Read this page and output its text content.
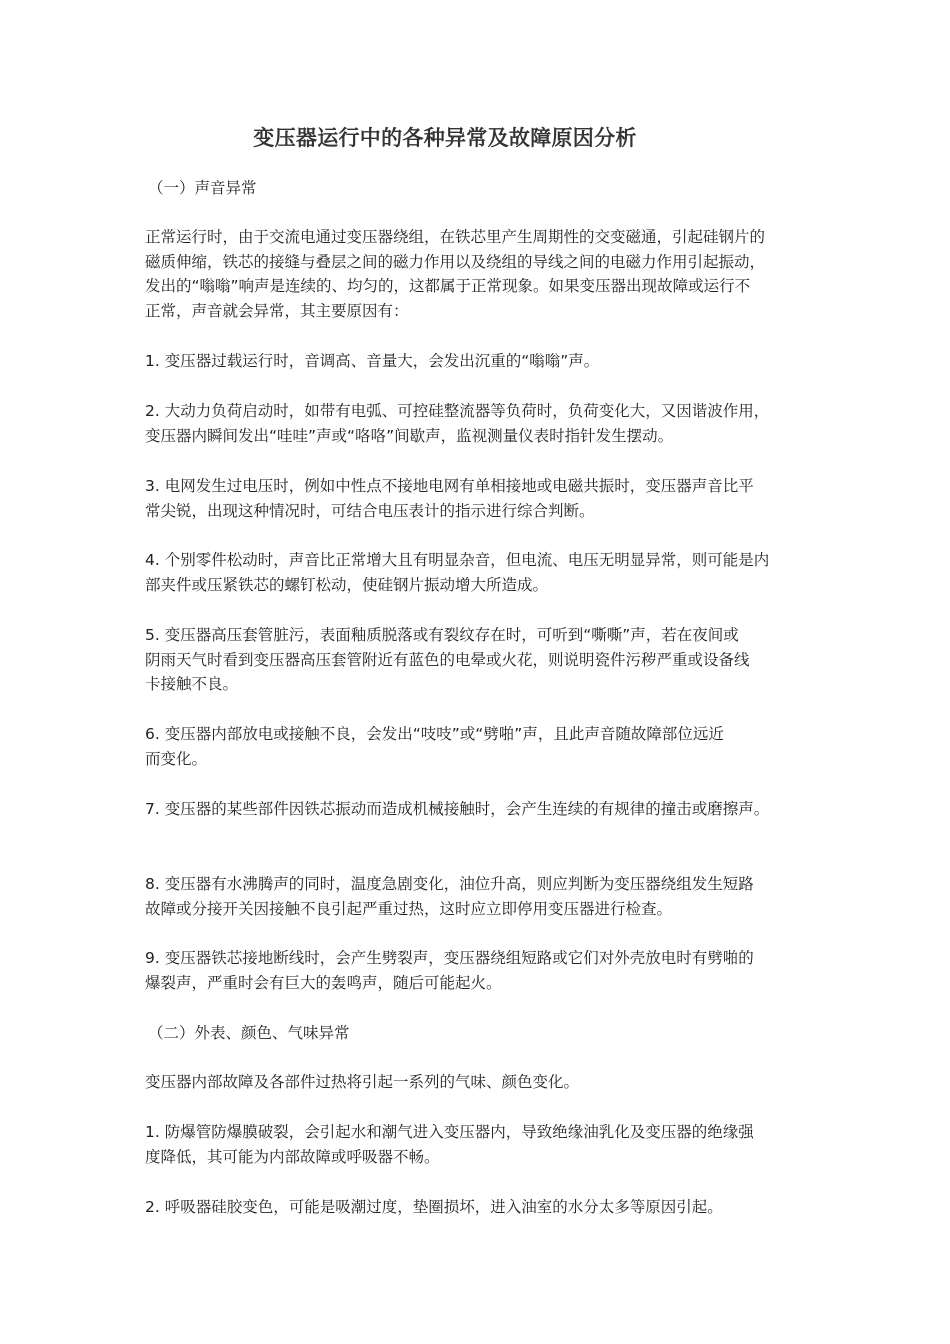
变压器运行中的各种异常及故障原因分析
（一）声音异常
正常运行时，由于交流电通过变压器绕组，在铁芯里产生周期性的交变磁通，引起硅钢片的
磁质伸缩，铁芯的接缝与叠层之间的磁力作用以及绕组的导线之间的电磁力作用引起振动，
发出的“嗡嗡”响声是连续的、均匀的，这都属于正常现象。如果变压器出现故障或运行不
正常，声音就会异常，其主要原因有：
1. 变压器过载运行时，音调高、音量大，会发出沉重的“嗡嗡”声。
2. 大动力负荷启动时，如带有电弧、可控硅整流器等负荷时，负荷变化大，又因谐波作用，
变压器内瞬间发出“哇哇”声或“咯咯”间歇声，监视测量仪表时指针发生摆动。
3. 电网发生过电压时，例如中性点不接地电网有单相接地或电磁共振时，变压器声音比平
常尖锐，出现这种情况时，可结合电压表计的指示进行综合判断。
4. 个别零件松动时，声音比正常增大且有明显杂音，但电流、电压无明显异常，则可能是内
部夹件或压紧铁芯的螺钉松动，使硅钢片振动增大所造成。
5. 变压器高压套管脏污，表面釉质脱落或有裂纹存在时，可听到“嘶嘶”声，若在夜间或
阴雨天气时看到变压器高压套管附近有蓝色的电晕或火花，则说明瓷件污秽严重或设备线
卡接触不良。
6. 变压器内部放电或接触不良，会发出“吱吱”或“劈啪”声，且此声音随故障部位远近
而变化。
7. 变压器的某些部件因铁芯振动而造成机械接触时，会产生连续的有规律的撞击或磨擦声。
8. 变压器有水沸腾声的同时，温度急剧变化，油位升高，则应判断为变压器绕组发生短路
故障或分接开关因接触不良引起严重过热，这时应立即停用变压器进行检查。
9. 变压器铁芯接地断线时，会产生劈裂声，变压器绕组短路或它们对外壳放电时有劈啪的
爆裂声，严重时会有巨大的轰鸣声，随后可能起火。
（二）外表、颜色、气味异常
变压器内部故障及各部件过热将引起一系列的气味、颜色变化。
1. 防爆管防爆膜破裂，会引起水和潮气进入变压器内，导致绝缘油乳化及变压器的绝缘强
度降低，其可能为内部故障或呼吸器不畅。
2. 呼吸器硅胶变色，可能是吸潮过度，垫圈损坏，进入油室的水分太多等原因引起。
